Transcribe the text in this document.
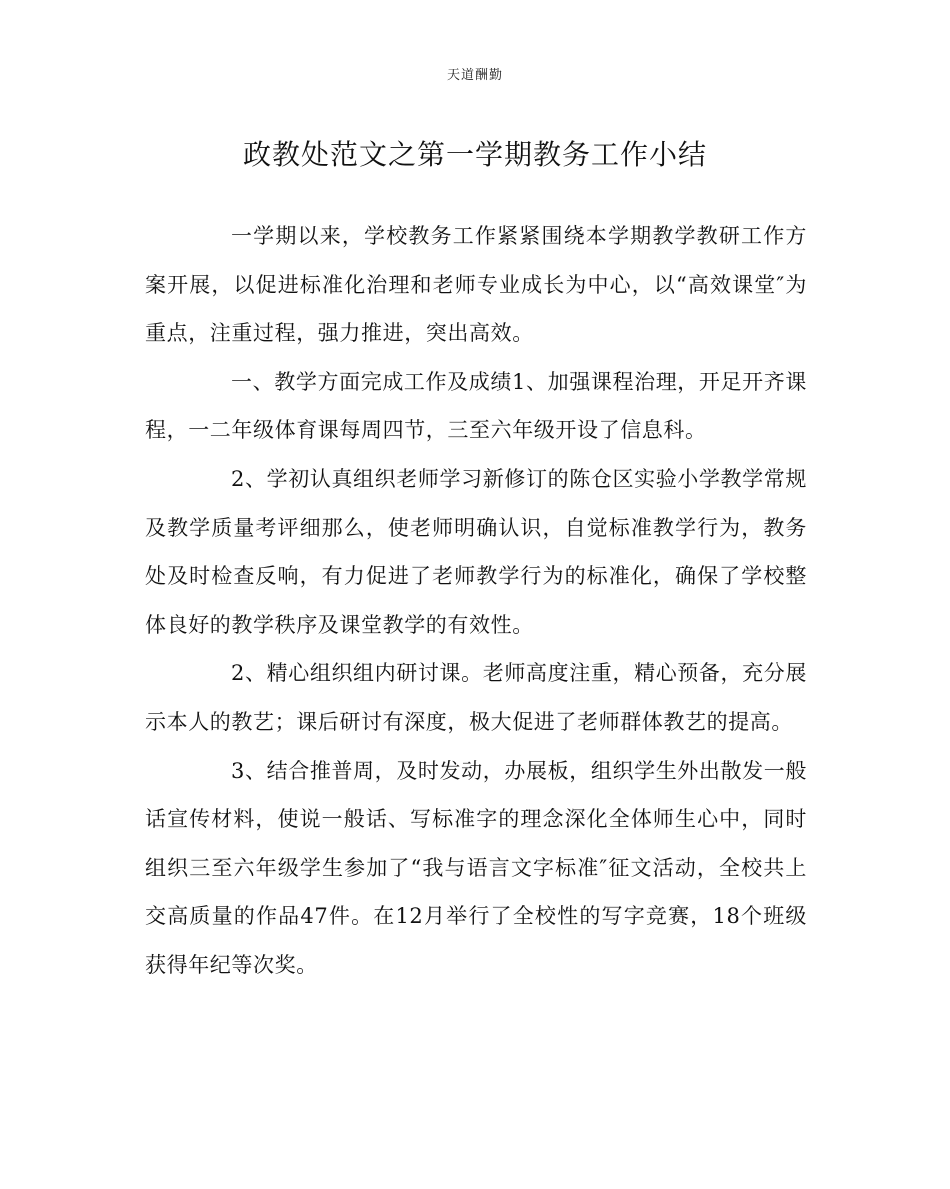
天道酬勤
政教处范文之第一学期教务工作小结

一学期以来，学校教务工作紧紧围绕本学期教学教研工作方案开展，以促进标准化治理和老师专业成长为中心，以“高效课堂″为重点，注重过程，强力推进，突出高效。

一、教学方面完成工作及成绩1、加强课程治理，开足开齐课程，一二年级体育课每周四节，三至六年级开设了信息科。

2、学初认真组织老师学习新修订的陈仓区实验小学教学常规及教学质量考评细那么，使老师明确认识，自觉标准教学行为，教务处及时检查反响，有力促进了老师教学行为的标准化，确保了学校整体良好的教学秩序及课堂教学的有效性。

2、精心组织组内研讨课。老师高度注重，精心预备，充分展示本人的教艺；课后研讨有深度，极大促进了老师群体教艺的提高。

3、结合推普周，及时发动，办展板，组织学生外出散发一般话宣传材料，使说一般话、写标准字的理念深化全体师生心中，同时组织三至六年级学生参加了“我与语言文字标准″征文活动，全校共上交高质量的作品47件。在12月举行了全校性的写字竞赛，18个班级获得年纪等次奖。
